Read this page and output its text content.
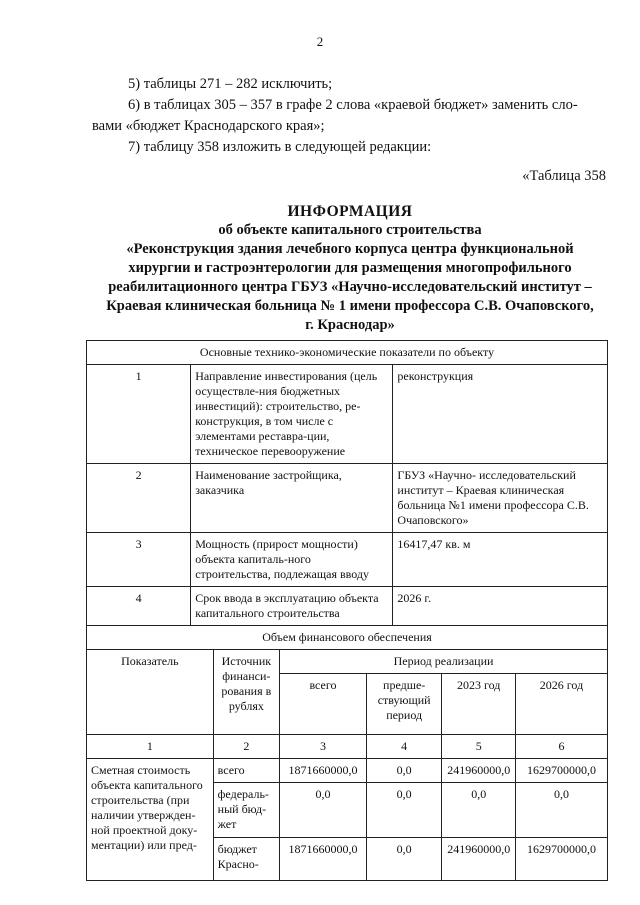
2

5) таблицы 271 – 282 исключить;

6) в таблицах 305 – 357 в графе 2 слова «краевой бюджет» заменить сло-

вами «бюджет Краснодарского края»;

7) таблицу 358 изложить в следующей редакции:

«Таблица 358
ИНФОРМАЦИЯ
об объекте капитального строительства
«Реконструкция здания лечебного корпуса центра функциональной
хирургии и гастроэнтерологии для размещения многопрофильного
реабилитационного центра ГБУЗ «Научно-исследовательский институт –
Краевая клиническая больница № 1 имени профессора С.В. Очаповского,
г. Краснодар»
Основные технико-экономические показатели по объекту							
1	Направление инвестирования (цель осуществле-ния бюджетных инвестиций): строительство, ре-конструкция, в том числе с элементами реставра-ции, техническое перевооружение				реконструкция		
2	Наименование застройщика, заказчика				ГБУЗ «Научно- исследовательский институт – Краевая клиническая больница №1 имени профессора С.В. Очаповского»		
3	Мощность (прирост мощности) объекта капиталь-ного строительства, подлежащая вводу				16417,47 кв. м		
4	Срок ввода в эксплуатацию объекта капитального строительства				2026 г.		
Объем финансового обеспечения							
Показатель		Источник финанси-рования в рублях	Период реализации				
			всего	предше-ствующий период		2023 год	2026 год
1		2	3	4		5	6
Сметная стоимость объекта капитального строительства (при наличии утвержден-ной проектной доку-ментации) или пред-		всего	1871660000,0	0,0		241960000,0	1629700000,0
		федераль-ный бюд-жет	0,0	0,0		0,0	0,0
		бюджет Красно-	1871660000,0	0,0		241960000,0	1629700000,0
